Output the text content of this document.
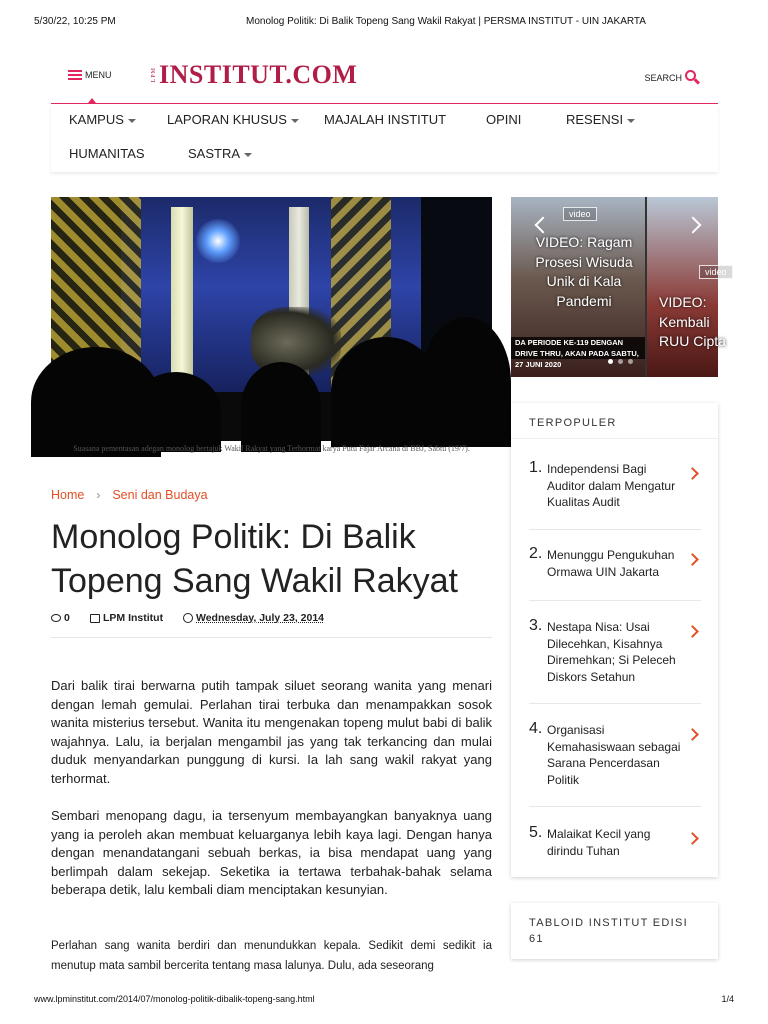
5/30/22, 10:25 PM	Monolog Politik: Di Balik Topeng Sang Wakil Rakyat | PERSMA INSTITUT - UIN JAKARTA
MENU	LPM INSTITUT.COM	SEARCH
KAMPUS	LAPORAN KHUSUS	MAJALAH INSTITUT	OPINI	RESENSI
HUMANITAS	SASTRA
Suasana pementasan adegan monolog bertajuk Wakil Rakyat yang Terhormat karya Putu Fajar Arcana di BBJ, Sabtu (19/7).
Home › Seni dan Budaya
Monolog Politik: Di Balik Topeng Sang Wakil Rakyat
0	LPM Institut	Wednesday, July 23, 2014

Dari balik tirai berwarna putih tampak siluet seorang wanita yang menari dengan lemah gemulai. Perlahan tirai terbuka dan menampakkan sosok wanita misterius tersebut. Wanita itu mengenakan topeng mulut babi di balik wajahnya. Lalu, ia berjalan mengambil jas yang tak terkancing dan mulai duduk menyandarkan punggung di kursi. Ia lah sang wakil rakyat yang terhormat.

Sembari menopang dagu, ia tersenyum membayangkan banyaknya uang yang ia peroleh akan membuat keluarganya lebih kaya lagi. Dengan hanya dengan menandatangani sebuah berkas, ia bisa mendapat uang yang berlimpah dalam sekejap. Seketika ia tertawa terbahak-bahak selama beberapa detik, lalu kembali diam menciptakan kesunyian.

Perlahan sang wanita berdiri dan menundukkan kepala. Sedikit demi sedikit ia menutup mata sambil bercerita tentang masa lalunya. Dulu, ada seseorang

video
VIDEO: Ragam Prosesi Wisuda Unik di Kala Pandemi
DA PERIODE KE-119 DENGAN DRIVE THRU, AKAN PADA SABTU, 27 JUNI 2020
video
VIDEO: Kembali RUU Cipta
TERPOPULER
1. Independensi Bagi Auditor dalam Mengatur Kualitas Audit
2. Menunggu Pengukuhan Ormawa UIN Jakarta
3. Nestapa Nisa: Usai Dilecehkan, Kisahnya Diremehkan; Si Peleceh Diskors Setahun
4. Organisasi Kemahasiswaan sebagai Sarana Pencerdasan Politik
5. Malaikat Kecil yang dirindu Tuhan
TABLOID INSTITUT EDISI 61
www.lpminstitut.com/2014/07/monolog-politik-dibalik-topeng-sang.html	1/4
